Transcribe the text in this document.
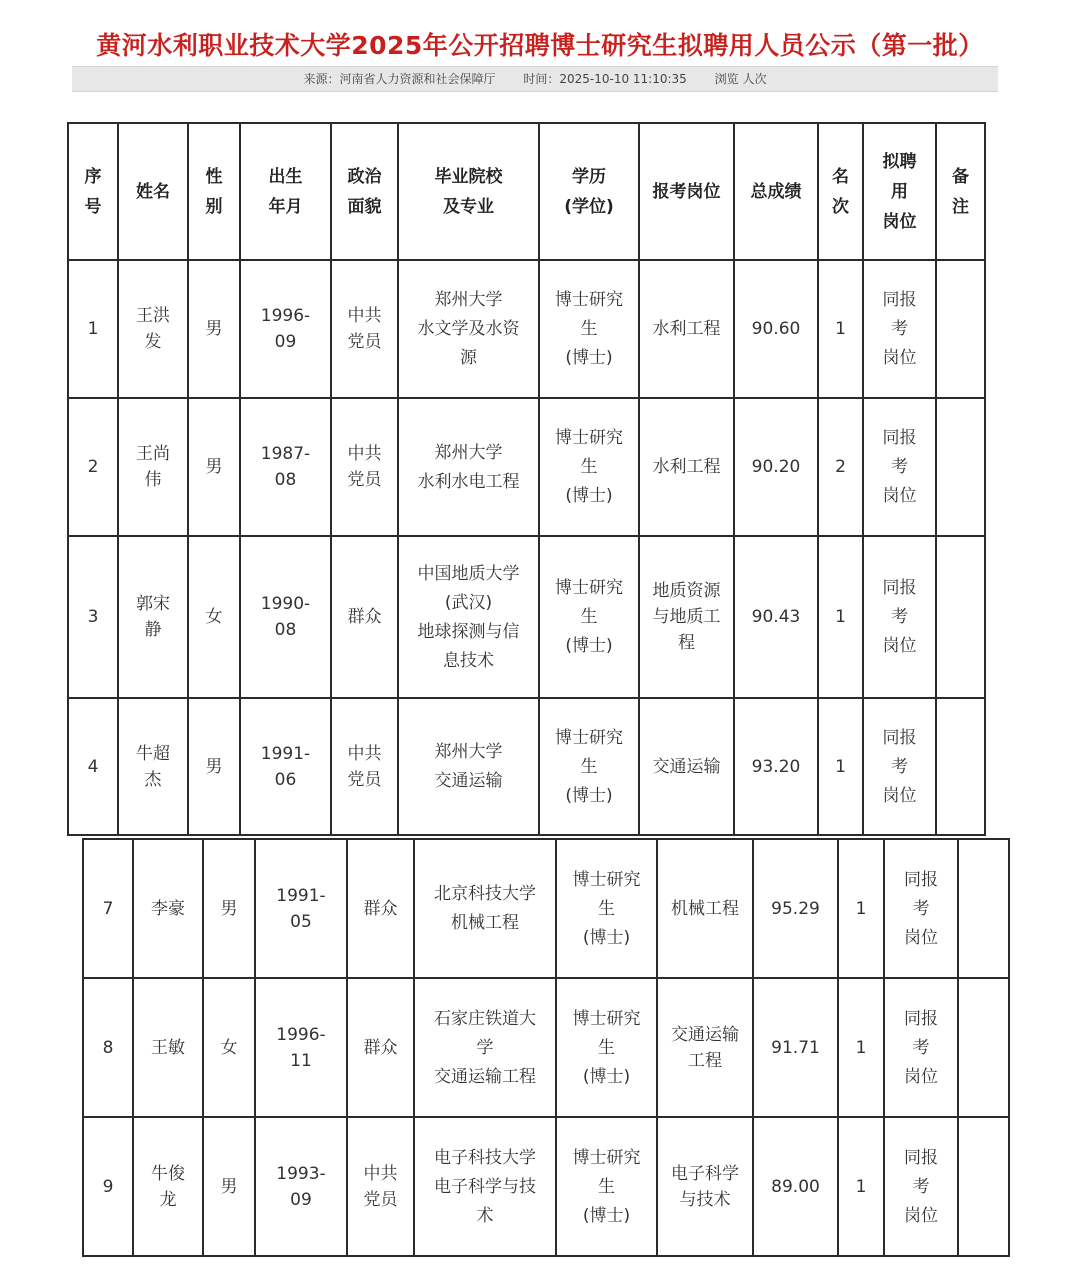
黄河水利职业技术大学2025年公开招聘博士研究生拟聘用人员公示（第一批）
来源：河南省人力资源和社会保障厅 时间：2025-10-10 11:10:35 浏览 人次
序
号	姓名	性
别	出生
年月	政治
面貌	毕业院校
及专业	学历
(学位)	报考岗位	总成绩	名
次	拟聘
用
岗位	备
注

1	王洪
发	男	1996-
09	中共
党员	郑州大学
水文学及水资
源	博士研究
生
(博士)	水利工程	90.60	1	同报
考
岗位	

2	王尚
伟	男	1987-
08	中共
党员	郑州大学
水利水电工程	博士研究
生
(博士)	水利工程	90.20	2	同报
考
岗位	

3	郭宋
静	女	1990-
08	群众	中国地质大学
(武汉)
地球探测与信
息技术	博士研究
生
(博士)	地质资源
与地质工
程	90.43	1	同报
考
岗位	

4	牛超
杰	男	1991-
06	中共
党员	郑州大学
交通运输	博士研究
生
(博士)	交通运输	93.20	1	同报
考
岗位	

7	李豪	男	1991-
05	群众	北京科技大学
机械工程	博士研究
生
(博士)	机械工程	95.29	1	同报
考
岗位	

8	王敏	女	1996-
11	群众	石家庄铁道大
学
交通运输工程	博士研究
生
(博士)	交通运输
工程	91.71	1	同报
考
岗位	

9	牛俊
龙	男	1993-
09	中共
党员	电子科技大学
电子科学与技
术	博士研究
生
(博士)	电子科学
与技术	89.00	1	同报
考
岗位	
